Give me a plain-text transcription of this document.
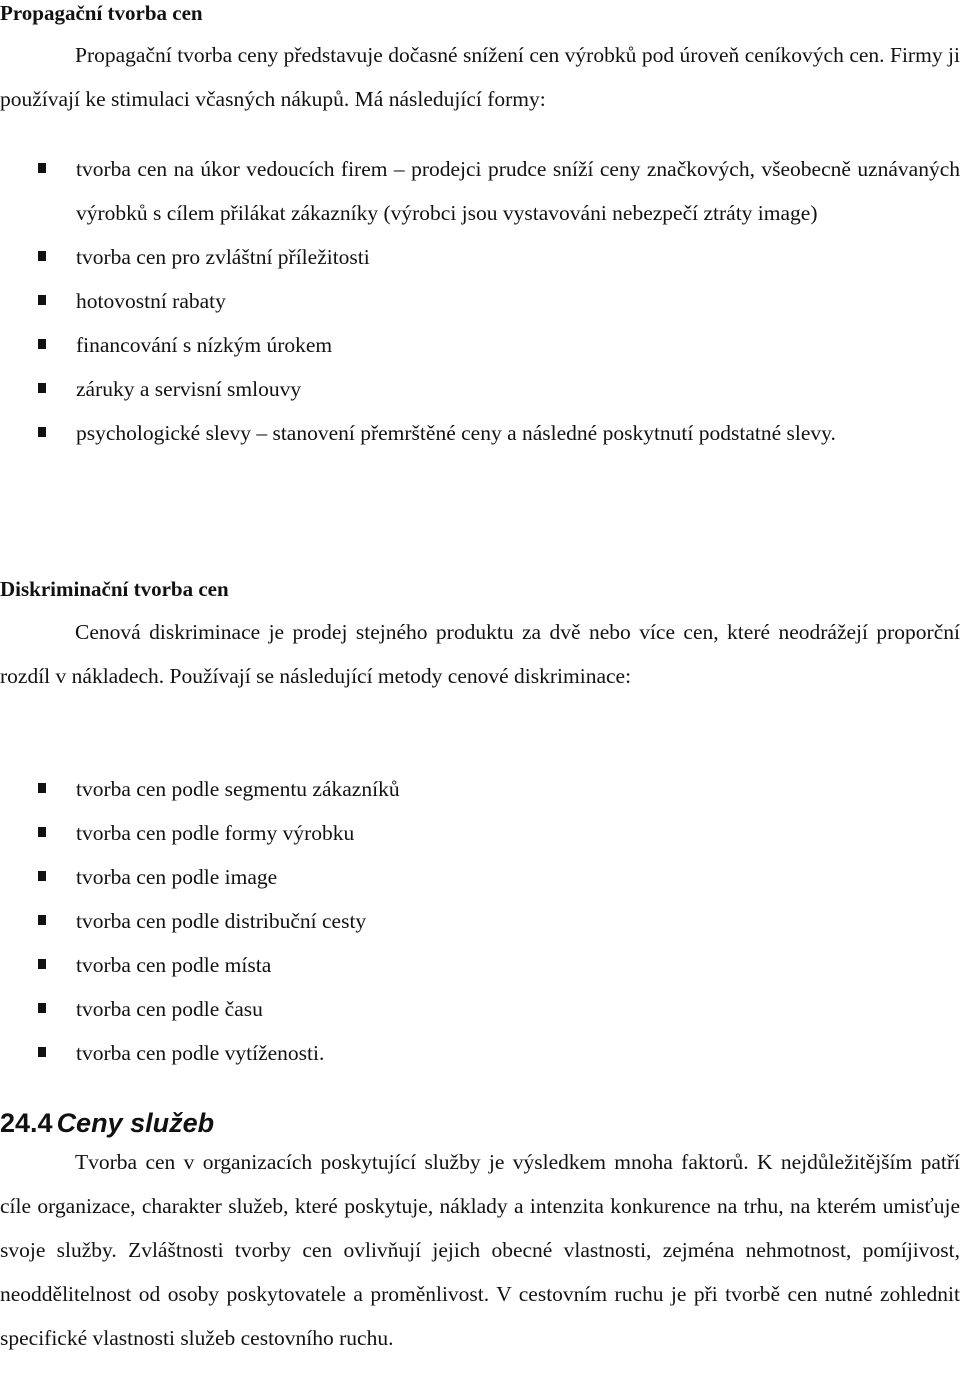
Propagační tvorba cen

Propagační tvorba ceny představuje dočasné snížení cen výrobků pod úroveň ceníkových cen. Firmy ji používají ke stimulaci včasných nákupů. Má následující formy:

tvorba cen na úkor vedoucích firem – prodejci prudce sníží ceny značkových, všeobecně uznávaných výrobků s cílem přilákat zákazníky (výrobci jsou vystavováni nebezpečí ztráty image)
tvorba cen pro zvláštní příležitosti
hotovostní rabaty
financování s nízkým úrokem
záruky a servisní smlouvy
psychologické slevy – stanovení přemrštěné ceny a následné poskytnutí podstatné slevy.
Diskriminační tvorba cen

Cenová diskriminace je prodej stejného produktu za dvě nebo více cen, které neodrážejí proporční rozdíl v nákladech. Používají se následující metody cenové diskriminace:

tvorba cen podle segmentu zákazníků
tvorba cen podle formy výrobku
tvorba cen podle image
tvorba cen podle distribuční cesty
tvorba cen podle místa
tvorba cen podle času
tvorba cen podle vytíženosti.
24.4 Ceny služeb

Tvorba cen v organizacích poskytující služby je výsledkem mnoha faktorů. K nejdůležitějším patří cíle organizace, charakter služeb, které poskytuje, náklady a intenzita konkurence na trhu, na kterém umisťuje svoje služby. Zvláštnosti tvorby cen ovlivňují jejich obecné vlastnosti, zejména nehmotnost, pomíjivost, neoddělitelnost od osoby poskytovatele a proměnlivost. V cestovním ruchu je při tvorbě cen nutné zohlednit specifické vlastnosti služeb cestovního ruchu.
